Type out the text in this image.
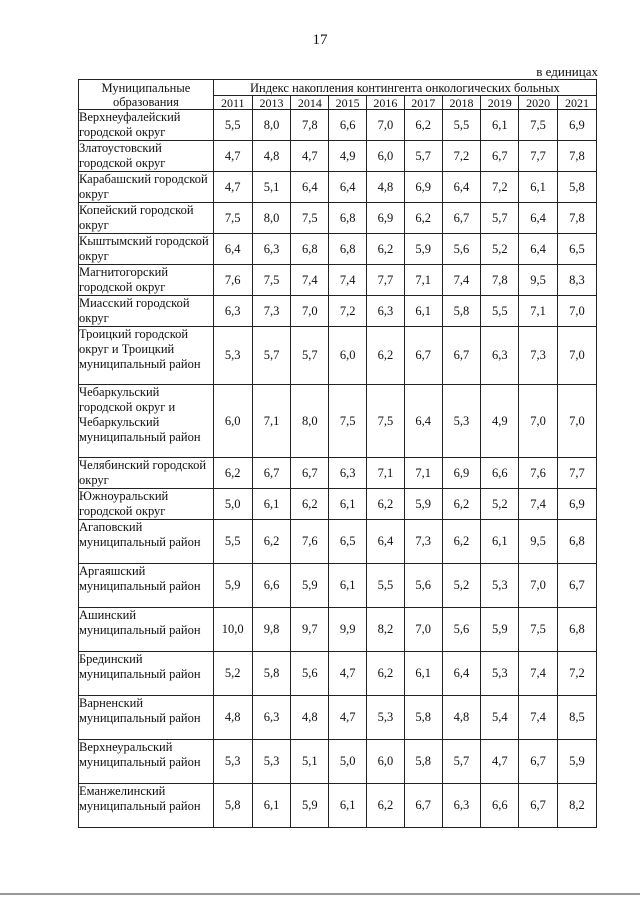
17
в единицах
Муниципальные образования	Индекс накопления контингента онкологических больных									
	2011	2013	2014	2015	2016	2017	2018	2019	2020	2021
Верхнеуфалейский городской округ	5,5	8,0	7,8	6,6	7,0	6,2	5,5	6,1	7,5	6,9
Златоустовский городской округ	4,7	4,8	4,7	4,9	6,0	5,7	7,2	6,7	7,7	7,8
Карабашский городской округ	4,7	5,1	6,4	6,4	4,8	6,9	6,4	7,2	6,1	5,8
Копейский городской округ	7,5	8,0	7,5	6,8	6,9	6,2	6,7	5,7	6,4	7,8
Кыштымский городской округ	6,4	6,3	6,8	6,8	6,2	5,9	5,6	5,2	6,4	6,5
Магнитогорский городской округ	7,6	7,5	7,4	7,4	7,7	7,1	7,4	7,8	9,5	8,3
Миасский городской округ	6,3	7,3	7,0	7,2	6,3	6,1	5,8	5,5	7,1	7,0
Троицкий городской округ и Троицкий муниципальный район	5,3	5,7	5,7	6,0	6,2	6,7	6,7	6,3	7,3	7,0
Чебаркульский городской округ и Чебаркульский муниципальный район	6,0	7,1	8,0	7,5	7,5	6,4	5,3	4,9	7,0	7,0
Челябинский городской округ	6,2	6,7	6,7	6,3	7,1	7,1	6,9	6,6	7,6	7,7
Южноуральский городской округ	5,0	6,1	6,2	6,1	6,2	5,9	6,2	5,2	7,4	6,9
Агаповский муниципальный район	5,5	6,2	7,6	6,5	6,4	7,3	6,2	6,1	9,5	6,8
Аргаяшский муниципальный район	5,9	6,6	5,9	6,1	5,5	5,6	5,2	5,3	7,0	6,7
Ашинский муниципальный район	10,0	9,8	9,7	9,9	8,2	7,0	5,6	5,9	7,5	6,8
Брединский муниципальный район	5,2	5,8	5,6	4,7	6,2	6,1	6,4	5,3	7,4	7,2
Варненский муниципальный район	4,8	6,3	4,8	4,7	5,3	5,8	4,8	5,4	7,4	8,5
Верхнеуральский муниципальный район	5,3	5,3	5,1	5,0	6,0	5,8	5,7	4,7	6,7	5,9
Еманжелинский муниципальный район	5,8	6,1	5,9	6,1	6,2	6,7	6,3	6,6	6,7	8,2
